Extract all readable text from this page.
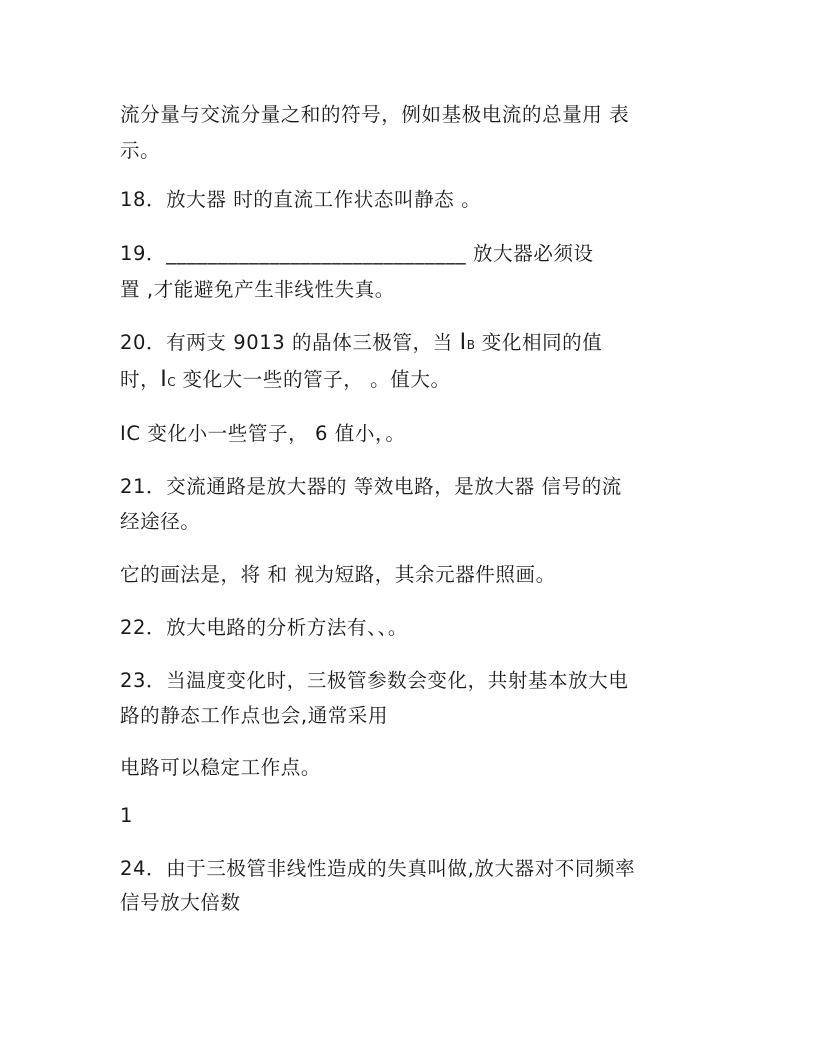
流分量与交流分量之和的符号，例如基极电流的总量用 表

示。

18．放大器 时的直流工作状态叫静态 。

19．_____________________________ 放大器必须设

置 ,才能避免产生非线性失真。

20．有两支 9013 的晶体三极管，当 IB 变化相同的值

时，IC 变化大一些的管子， 。值大。

IC 变化小一些管子， 6 值小，。

21．交流通路是放大器的 等效电路，是放大器 信号的流

经途径。

它的画法是，将 和 视为短路，其余元器件照画。

22．放大电路的分析方法有、、。

23．当温度变化时，三极管参数会变化，共射基本放大电

路的静态工作点也会,通常采用

电路可以稳定工作点。

1

24．由于三极管非线性造成的失真叫做,放大器对不同频率

信号放大倍数
